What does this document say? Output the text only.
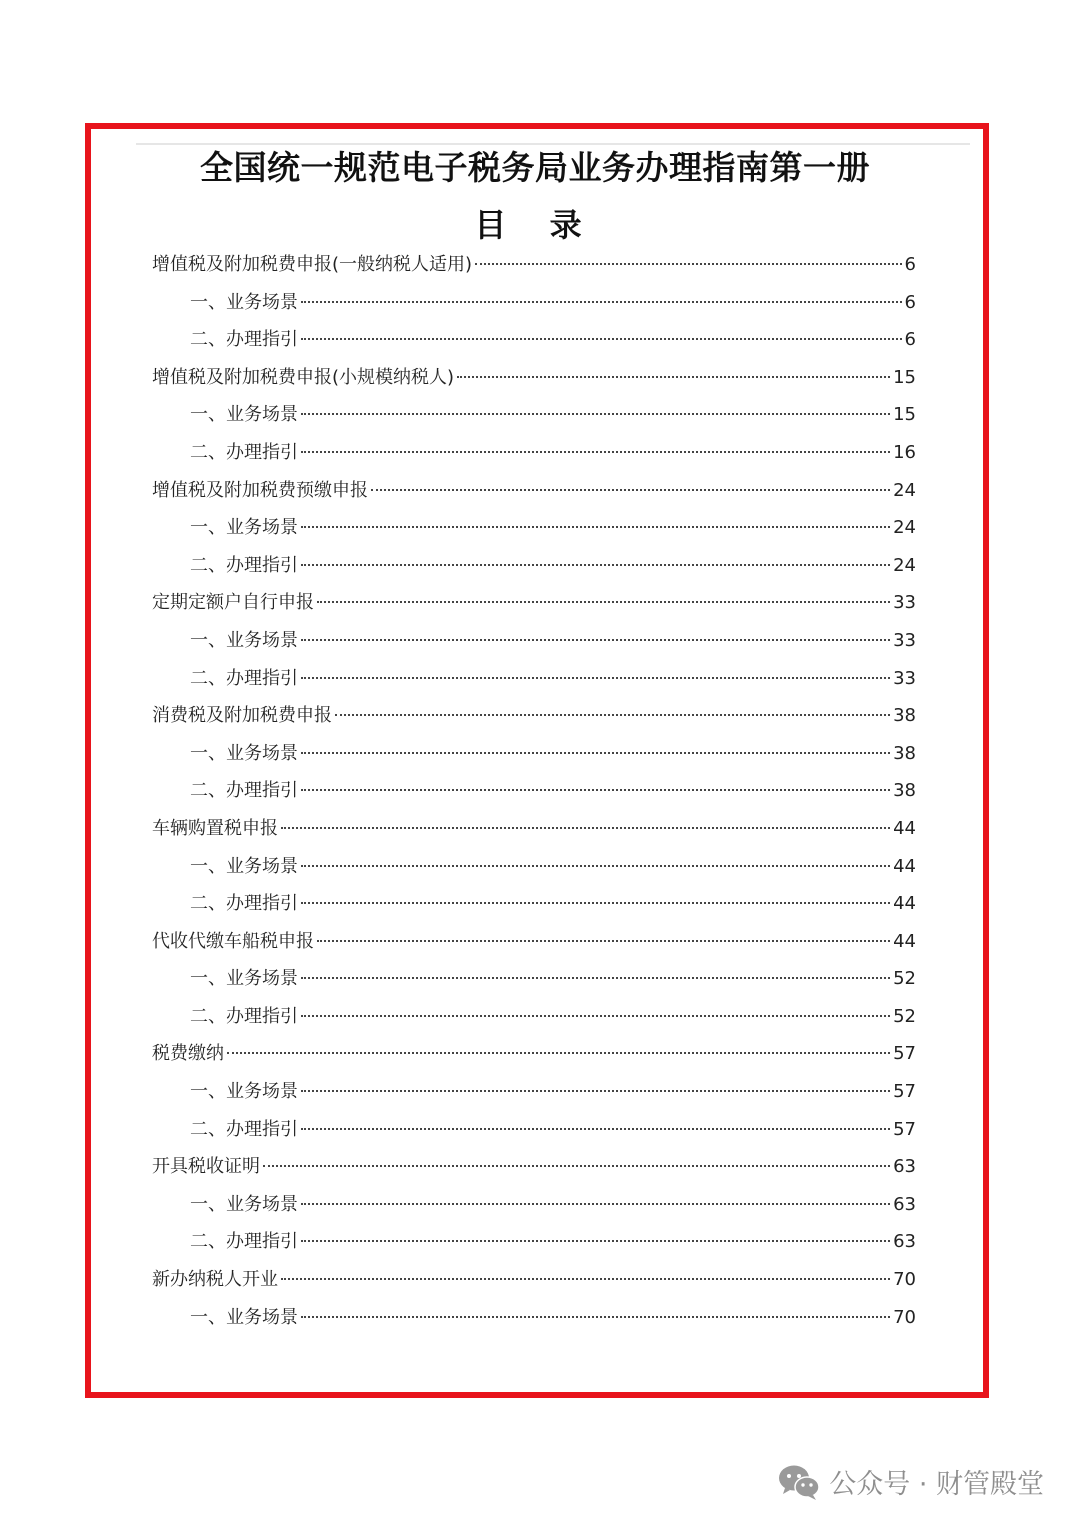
全国统一规范电子税务局业务办理指南第一册
目 录
增值税及附加税费申报(一般纳税人适用)	6
一、业务场景	6
二、办理指引	6
增值税及附加税费申报(小规模纳税人)	15
一、业务场景	15
二、办理指引	16
增值税及附加税费预缴申报	24
一、业务场景	24
二、办理指引	24
定期定额户自行申报	33
一、业务场景	33
二、办理指引	33
消费税及附加税费申报	38
一、业务场景	38
二、办理指引	38
车辆购置税申报	44
一、业务场景	44
二、办理指引	44
代收代缴车船税申报	44
一、业务场景	52
二、办理指引	52
税费缴纳	57
一、业务场景	57
二、办理指引	57
开具税收证明	63
一、业务场景	63
二、办理指引	63
新办纳税人开业	70
一、业务场景	70
公众号 · 财管殿堂
